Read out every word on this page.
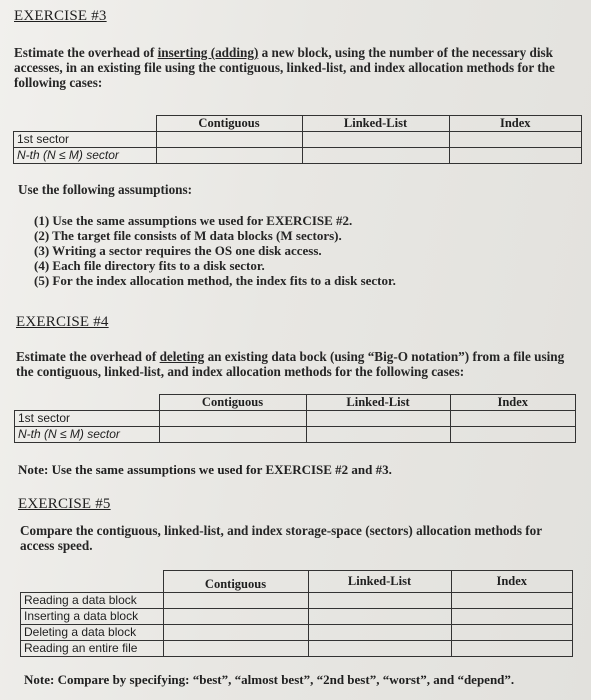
EXERCISE #3
Estimate the overhead of inserting (adding) a new block, using the number of the necessary disk accesses, in an existing file using the contiguous, linked-list, and index allocation methods for the following cases:
	Contiguous	Linked-List	Index
1st sector			
N-th (N ≤ M) sector			
Use the following assumptions:
(1) Use the same assumptions we used for EXERCISE #2.
(2) The target file consists of M data blocks (M sectors).
(3) Writing a sector requires the OS one disk access.
(4) Each file directory fits to a disk sector.
(5) For the index allocation method, the index fits to a disk sector.
EXERCISE #4
Estimate the overhead of deleting an existing data bock (using “Big-O notation”) from a file using the contiguous, linked-list, and index allocation methods for the following cases:
	Contiguous	Linked-List	Index
1st sector			
N-th (N ≤ M) sector			
Note: Use the same assumptions we used for EXERCISE #2 and #3.
EXERCISE #5
Compare the contiguous, linked-list, and index storage-space (sectors) allocation methods for access speed.
	Contiguous	Linked-List	Index
Reading a data block			
Inserting a data block			
Deleting a data block			
Reading an entire file			
Note: Compare by specifying: “best”, “almost best”, “2nd best”, “worst”, and “depend”.
